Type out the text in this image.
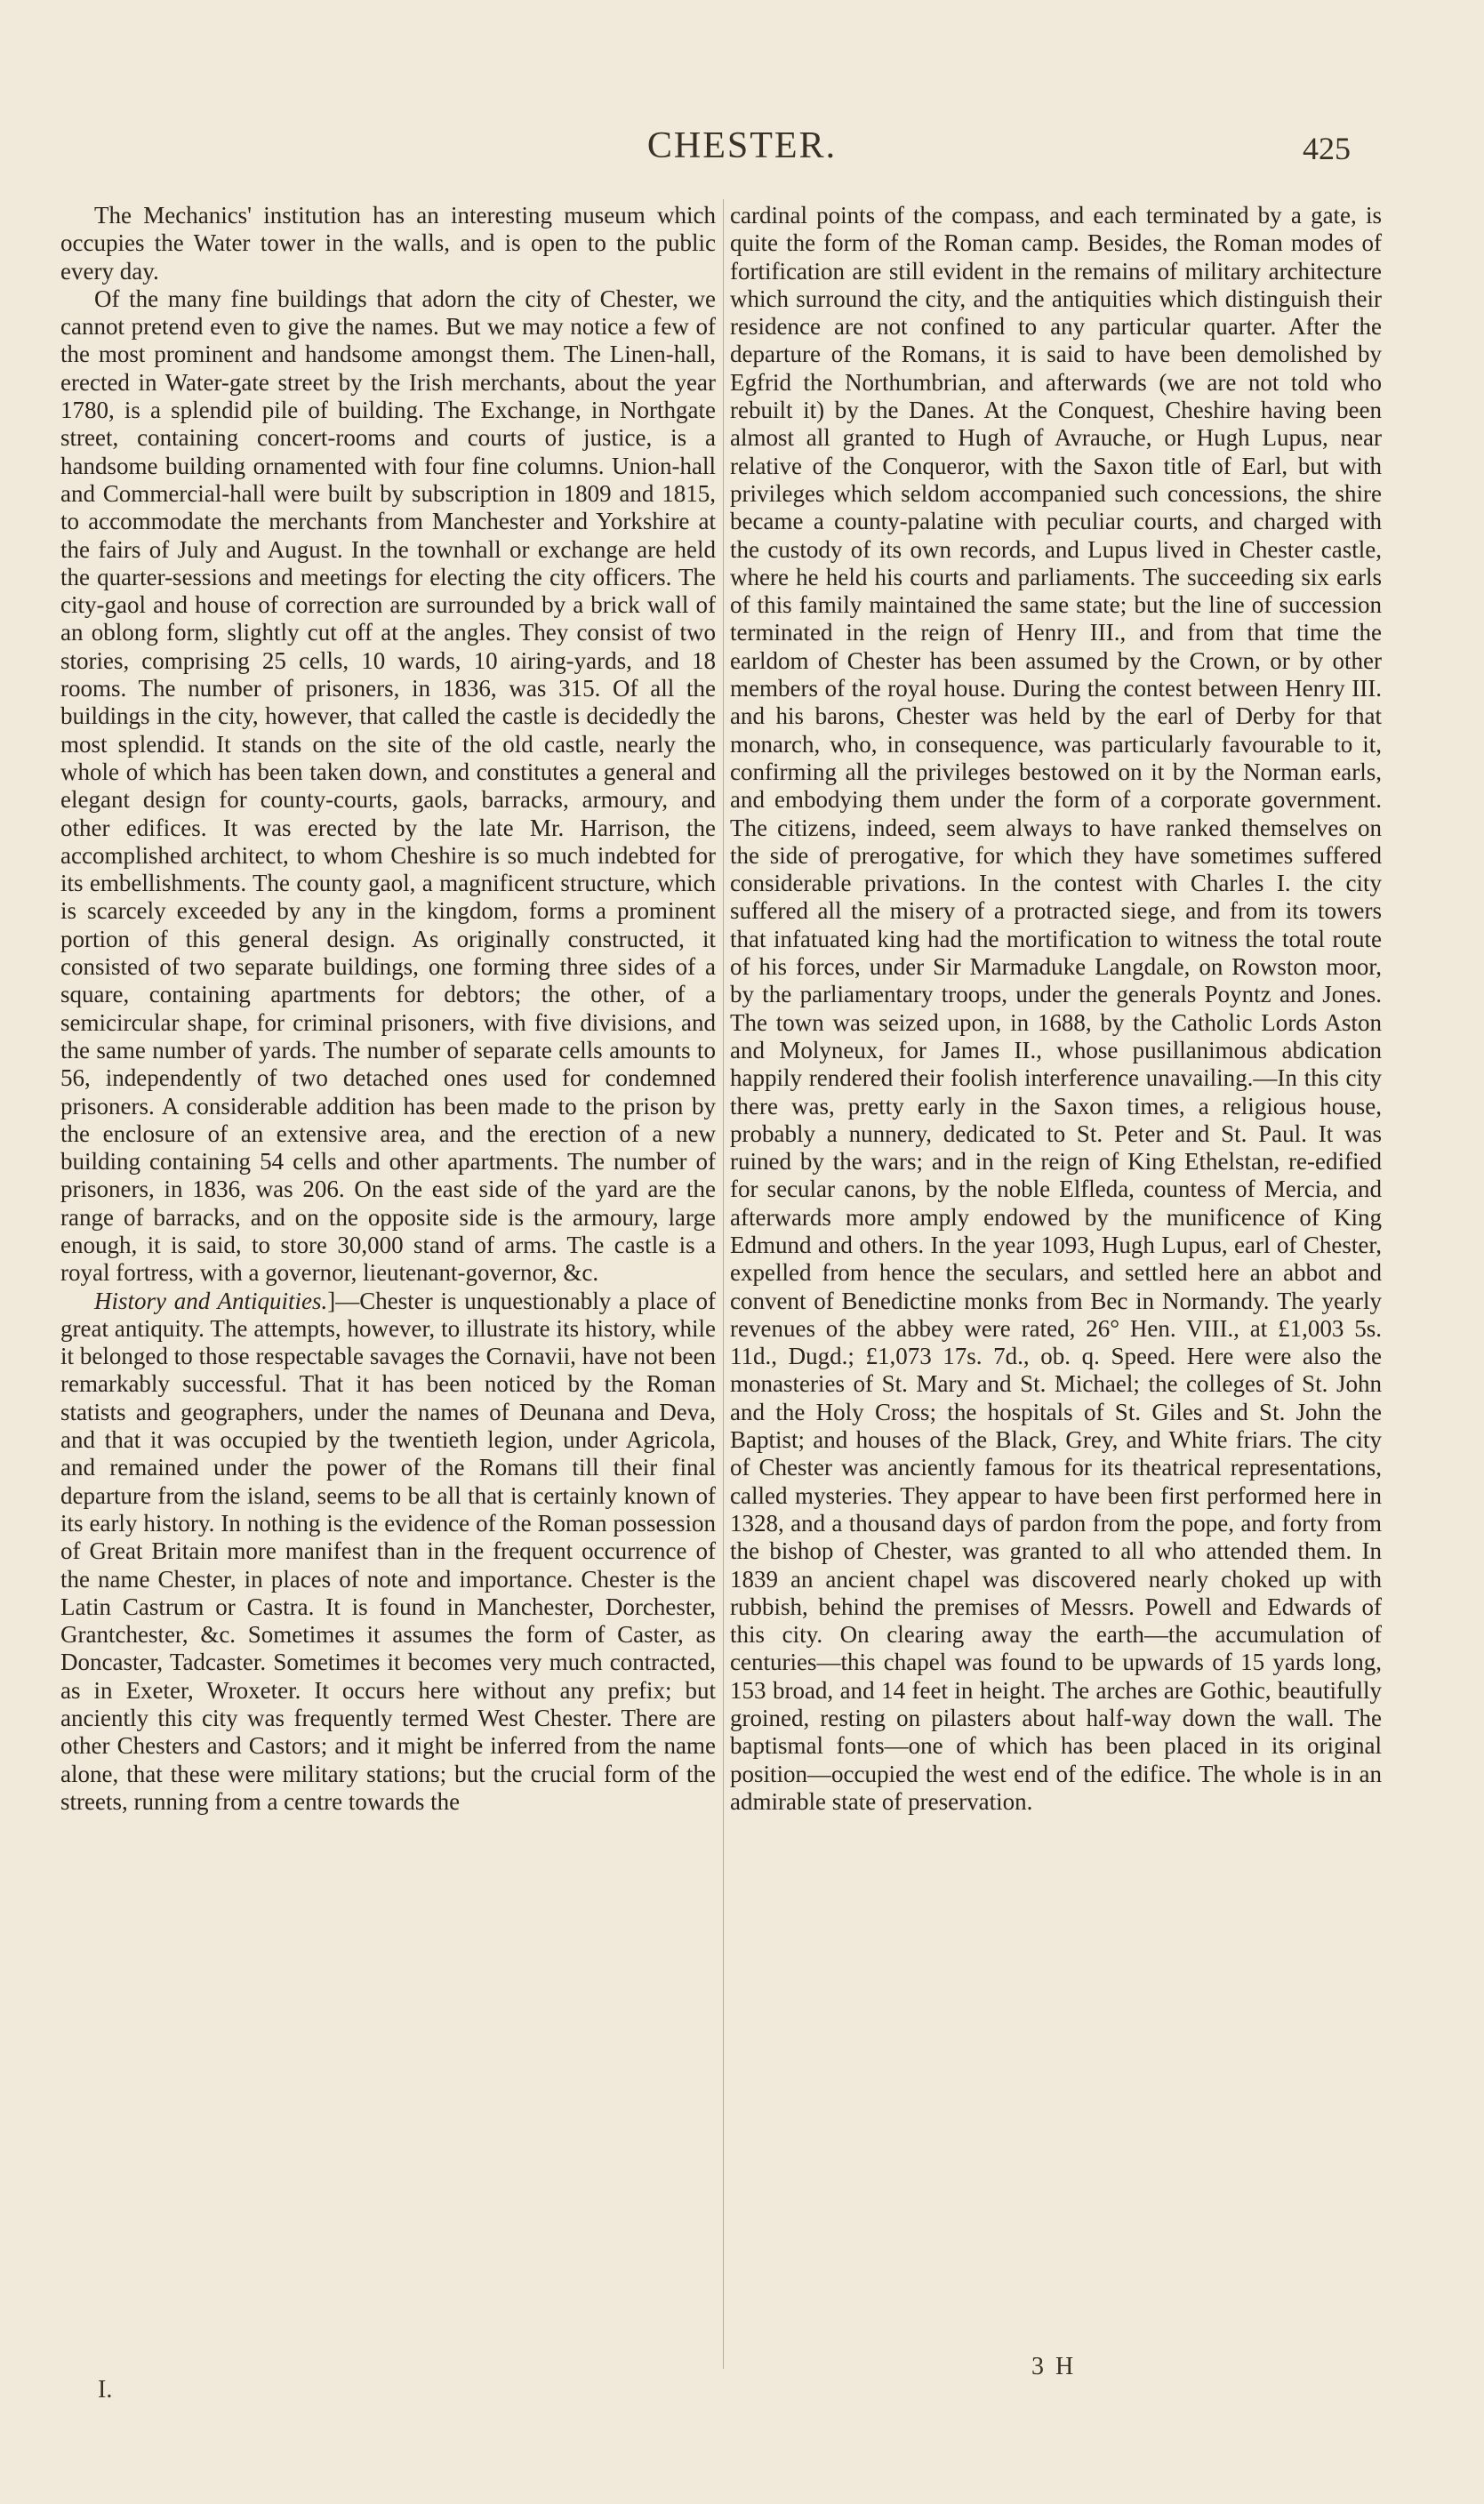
CHESTER.	425

The Mechanics' institution has an interesting museum which occupies the Water tower in the walls, and is open to the public every day.

Of the many fine buildings that adorn the city of Chester, we cannot pretend even to give the names. But we may notice a few of the most prominent and handsome amongst them. The Linen-hall, erected in Water-gate street by the Irish merchants, about the year 1780, is a splendid pile of building. The Exchange, in Northgate street, containing concert-rooms and courts of justice, is a handsome building ornamented with four fine columns. Union-hall and Commercial-hall were built by subscription in 1809 and 1815, to accommodate the merchants from Manchester and Yorkshire at the fairs of July and August. In the townhall or exchange are held the quarter-sessions and meetings for electing the city officers. The city-gaol and house of correction are surrounded by a brick wall of an oblong form, slightly cut off at the angles. They consist of two stories, comprising 25 cells, 10 wards, 10 airing-yards, and 18 rooms. The number of prisoners, in 1836, was 315. Of all the buildings in the city, however, that called the castle is decidedly the most splendid. It stands on the site of the old castle, nearly the whole of which has been taken down, and constitutes a general and elegant design for county-courts, gaols, barracks, armoury, and other edifices. It was erected by the late Mr. Harrison, the accomplished architect, to whom Cheshire is so much indebted for its embellishments. The county gaol, a magnificent structure, which is scarcely exceeded by any in the kingdom, forms a prominent portion of this general design. As originally constructed, it consisted of two separate buildings, one forming three sides of a square, containing apartments for debtors; the other, of a semicircular shape, for criminal prisoners, with five divisions, and the same number of yards. The number of separate cells amounts to 56, independently of two detached ones used for condemned prisoners. A considerable addition has been made to the prison by the enclosure of an extensive area, and the erection of a new building containing 54 cells and other apartments. The number of prisoners, in 1836, was 206. On the east side of the yard are the range of barracks, and on the opposite side is the armoury, large enough, it is said, to store 30,000 stand of arms. The castle is a royal fortress, with a governor, lieutenant-governor, &c.

History and Antiquities.]—Chester is unquestionably a place of great antiquity. The attempts, however, to illustrate its history, while it belonged to those respectable savages the Cornavii, have not been remarkably successful. That it has been noticed by the Roman statists and geographers, under the names of Deunana and Deva, and that it was occupied by the twentieth legion, under Agricola, and remained under the power of the Romans till their final departure from the island, seems to be all that is certainly known of its early history. In nothing is the evidence of the Roman possession of Great Britain more manifest than in the frequent occurrence of the name Chester, in places of note and importance. Chester is the Latin Castrum or Castra. It is found in Manchester, Dorchester, Grantchester, &c. Sometimes it assumes the form of Caster, as Doncaster, Tadcaster. Sometimes it becomes very much contracted, as in Exeter, Wroxeter. It occurs here without any prefix; but anciently this city was frequently termed West Chester. There are other Chesters and Castors; and it might be inferred from the name alone, that these were military stations; but the crucial form of the streets, running from a centre towards the

cardinal points of the compass, and each terminated by a gate, is quite the form of the Roman camp. Besides, the Roman modes of fortification are still evident in the remains of military architecture which surround the city, and the antiquities which distinguish their residence are not confined to any particular quarter. After the departure of the Romans, it is said to have been demolished by Egfrid the Northumbrian, and afterwards (we are not told who rebuilt it) by the Danes. At the Conquest, Cheshire having been almost all granted to Hugh of Avrauche, or Hugh Lupus, near relative of the Conqueror, with the Saxon title of Earl, but with privileges which seldom accompanied such concessions, the shire became a county-palatine with peculiar courts, and charged with the custody of its own records, and Lupus lived in Chester castle, where he held his courts and parliaments. The succeeding six earls of this family maintained the same state; but the line of succession terminated in the reign of Henry III., and from that time the earldom of Chester has been assumed by the Crown, or by other members of the royal house. During the contest between Henry III. and his barons, Chester was held by the earl of Derby for that monarch, who, in consequence, was particularly favourable to it, confirming all the privileges bestowed on it by the Norman earls, and embodying them under the form of a corporate government. The citizens, indeed, seem always to have ranked themselves on the side of prerogative, for which they have sometimes suffered considerable privations. In the contest with Charles I. the city suffered all the misery of a protracted siege, and from its towers that infatuated king had the mortification to witness the total route of his forces, under Sir Marmaduke Langdale, on Rowston moor, by the parliamentary troops, under the generals Poyntz and Jones. The town was seized upon, in 1688, by the Catholic Lords Aston and Molyneux, for James II., whose pusillanimous abdication happily rendered their foolish interference unavailing.—In this city there was, pretty early in the Saxon times, a religious house, probably a nunnery, dedicated to St. Peter and St. Paul. It was ruined by the wars; and in the reign of King Ethelstan, re-edified for secular canons, by the noble Elfleda, countess of Mercia, and afterwards more amply endowed by the munificence of King Edmund and others. In the year 1093, Hugh Lupus, earl of Chester, expelled from hence the seculars, and settled here an abbot and convent of Benedictine monks from Bec in Normandy. The yearly revenues of the abbey were rated, 26° Hen. VIII., at £1,003 5s. 11d., Dugd.; £1,073 17s. 7d., ob. q. Speed. Here were also the monasteries of St. Mary and St. Michael; the colleges of St. John and the Holy Cross; the hospitals of St. Giles and St. John the Baptist; and houses of the Black, Grey, and White friars. The city of Chester was anciently famous for its theatrical representations, called mysteries. They appear to have been first performed here in 1328, and a thousand days of pardon from the pope, and forty from the bishop of Chester, was granted to all who attended them. In 1839 an ancient chapel was discovered nearly choked up with rubbish, behind the premises of Messrs. Powell and Edwards of this city. On clearing away the earth—the accumulation of centuries—this chapel was found to be upwards of 15 yards long, 153 broad, and 14 feet in height. The arches are Gothic, beautifully groined, resting on pilasters about half-way down the wall. The baptismal fonts—one of which has been placed in its original position—occupied the west end of the edifice. The whole is in an admirable state of preservation.

I.
3 H
